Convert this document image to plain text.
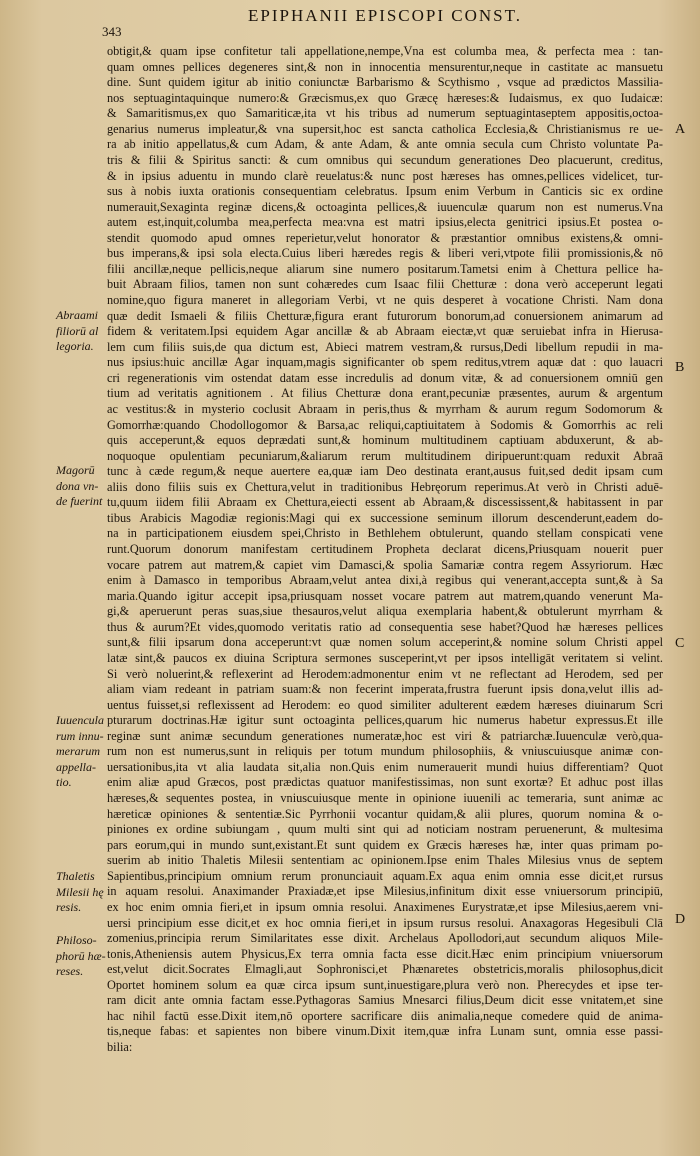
343
EPIPHANII EPISCOPI CONST.
obtigit,& quam ipse confitetur tali appellatione,nempe,Vna est columba mea, & perfecta mea : tan-
quam omnes pellices degeneres sint,& non in innocentia mensurentur,neque in castitate ac mansuetu
dine. Sunt quidem igitur ab initio coniunctæ Barbarismo & Scythismo , vsque ad prædictos Massilia-
nos septuagintaquinque numero:& Græcismus,ex quo Græcę hæreses:& Iudaismus, ex quo Iudaicæ:
& Samaritismus,ex quo Samariticæ,ita vt his tribus ad numerum septuagintaseptem appositis,octoa-
genarius numerus impleatur,& vna supersit,hoc est sancta catholica Ecclesia,& Christianismus re ue-
ra ab initio appellatus,& cum Adam, & ante Adam, & ante omnia secula cum Christo voluntate Pa-
tris & filii & Spiritus sancti: & cum omnibus qui secundum generationes Deo placuerunt, creditus,
& in ipsius aduentu in mundo clarè reuelatus:& nunc post hæreses has omnes,pellices videlicet, tur-
sus à nobis iuxta orationis consequentiam celebratus. Ipsum enim Verbum in Canticis sic ex ordine
numerauit,Sexaginta reginæ dicens,& octoaginta pellices,& iuuenculæ quarum non est numerus.Vna
autem est,inquit,columba mea,perfecta mea:vna est matri ipsius,electa genitrici ipsius.Et postea o-
stendit quomodo apud omnes reperietur,velut honorator & præstantior omnibus existens,& omni-
bus imperans,& ipsi sola electa.Cuius liberi hæredes regis & liberi veri,vtpote filii promissionis,& nō
filii ancillæ,neque pellicis,neque aliarum sine numero positarum.Tametsi enim à Chettura pellice ha-
buit Abraam filios, tamen non sunt cohæredes cum Isaac filii Chetturæ : dona verò acceperunt legati
nomine,quo figura maneret in allegoriam Verbi, vt ne quis desperet à vocatione Christi. Nam dona
quæ dedit Ismaeli & filiis Chetturæ,figura erant futurorum bonorum,ad conuersionem animarum ad
fidem & veritatem.Ipsi equidem Agar ancillæ & ab Abraam eiectæ,vt quæ seruiebat infra in Hierusa-
lem cum filiis suis,de qua dictum est, Abieci matrem vestram,& rursus,Dedi libellum repudii in ma-
nus ipsius:huic ancillæ Agar inquam,magis significanter ob spem reditus,vtrem aquæ dat : quo lauacri
cri regenerationis vim ostendat datam esse incredulis ad donum vitæ, & ad conuersionem omniū gen
tium ad veritatis agnitionem . At filius Chetturæ dona erant,pecuniæ præsentes, aurum & argentum
ac vestitus:& in mysterio coclusit Abraam in peris,thus & myrrham & aurum regum Sodomorum &
Gomorrhæ:quando Chodollogomor & Barsa,ac reliqui,captiuitatem à Sodomis & Gomorrhis ac reli
quis acceperunt,& equos deprædati sunt,& hominum multitudinem captiuam abduxerunt, & ab-
noquoque opulentiam pecuniarum,&aliarum rerum multitudinem diripuerunt:quam reduxit Abraā
tunc à cæde regum,& neque auertere ea,quæ iam Deo destinata erant,ausus fuit,sed dedit ipsam cum
aliis dono filiis suis ex Chettura,velut in traditionibus Hebręorum reperimus.At verò in Christi aduē-
tu,quum iidem filii Abraam ex Chettura,eiecti essent ab Abraam,& discessissent,& habitassent in par
tibus Arabicis Magodiæ regionis:Magi qui ex successione seminum illorum descenderunt,eadem do-
na in participationem eiusdem spei,Christo in Bethlehem obtulerunt, quando stellam conspicati vene
runt.Quorum donorum manifestam certitudinem Propheta declarat dicens,Priusquam nouerit puer
vocare patrem aut matrem,& capiet vim Damasci,& spolia Samariæ contra regem Assyriorum. Hæc
enim à Damasco in temporibus Abraam,velut antea dixi,à regibus qui venerant,accepta sunt,& à Sa
maria.Quando igitur accepit ipsa,priusquam nosset vocare patrem aut matrem,quando venerunt Ma-
gi,& aperuerunt peras suas,siue thesauros,velut aliqua exemplaria habent,& obtulerunt myrrham &
thus & aurum?Et vides,quomodo veritatis ratio ad consequentia sese habet?Quod hæ hæreses pellices
sunt,& filii ipsarum dona acceperunt:vt quæ nomen solum acceperint,& nomine solum Christi appel
latæ sint,& paucos ex diuina Scriptura sermones susceperint,vt per ipsos intelligāt veritatem si velint.
Si verò noluerint,& reflexerint ad Herodem:admonentur enim vt ne reflectant ad Herodem, sed per
aliam viam redeant in patriam suam:& non fecerint imperata,frustra fuerunt ipsis dona,velut illis ad-
uentus fuisset,si reflexissent ad Herodem: eo quod similiter adulterent eædem hæreses diuinarum Scri
pturarum doctrinas.Hæ igitur sunt octoaginta pellices,quarum hic numerus habetur expressus.Et ille
reginæ sunt animæ secundum generationes numeratæ,hoc est viri & patriarchæ.Iuuenculæ verò,qua-
rum non est numerus,sunt in reliquis per totum mundum philosophiis, & vniuscuiusque animæ con-
uersationibus,ita vt alia laudata sit,alia non.Quis enim numerauerit mundi huius differentiam? Quot
enim aliæ apud Græcos, post prædictas quatuor manifestissimas, non sunt exortæ? Et adhuc post illas
hæreses,& sequentes postea, in vniuscuiusque mente in opinione iuuenili ac temeraria, sunt animæ ac
hæreticæ opiniones & sententiæ.Sic Pyrrhonii vocantur quidam,& alii plures, quorum nomina & o-
piniones ex ordine subiungam , quum multi sint qui ad noticiam nostram peruenerunt, & multesima
pars eorum,qui in mundo sunt,existant.Et sunt quidem ex Græcis hæreses hæ, inter quas primam po-
suerim ab initio Thaletis Milesii sententiam ac opinionem.Ipse enim Thales Milesius vnus de septem
Sapientibus,principium omnium rerum pronunciauit aquam.Ex aqua enim omnia esse dicit,et rursus
in aquam resolui. Anaximander Praxiadæ,et ipse Milesius,infinitum dixit esse vniuersorum principiū,
ex hoc enim omnia fieri,et in ipsum omnia resolui. Anaximenes Eurystratæ,et ipse Milesius,aerem vni-
uersi principium esse dicit,et ex hoc omnia fieri,et in ipsum rursus resolui. Anaxagoras Hegesibuli Clā
zomenius,principia rerum Similaritates esse dixit. Archelaus Apollodori,aut secundum aliquos Mile-
tonis,Atheniensis autem Physicus,Ex terra omnia facta esse dicit.Hæc enim principium vniuersorum
est,velut dicit.Socrates Elmagli,aut Sophronisci,et Phænaretes obstetricis,moralis philosophus,dicit
Oportet hominem solum ea quæ circa ipsum sunt,inuestigare,plura verò non. Pherecydes et ipse ter-
ram dicit ante omnia factam esse.Pythagoras Samius Mnesarci filius,Deum dicit esse vnitatem,et sine
hac nihil factū esse.Dixit item,nō oportere sacrificare diis animalia,neque comedere quid de anima-
tis,neque fabas: et sapientes non bibere vinum.Dixit item,quæ infra Lunam sunt, omnia esse passi-
bilia:
Abraami
filiorū al
legoria.
Magorū
dona vn-
de fuerint
Iuuencula
rum innu-
merarum
appella-
tio.
Thaletis
Milesii hę
resis.
Philoso-
phorū hæ-
reses.
A
B
C
D
